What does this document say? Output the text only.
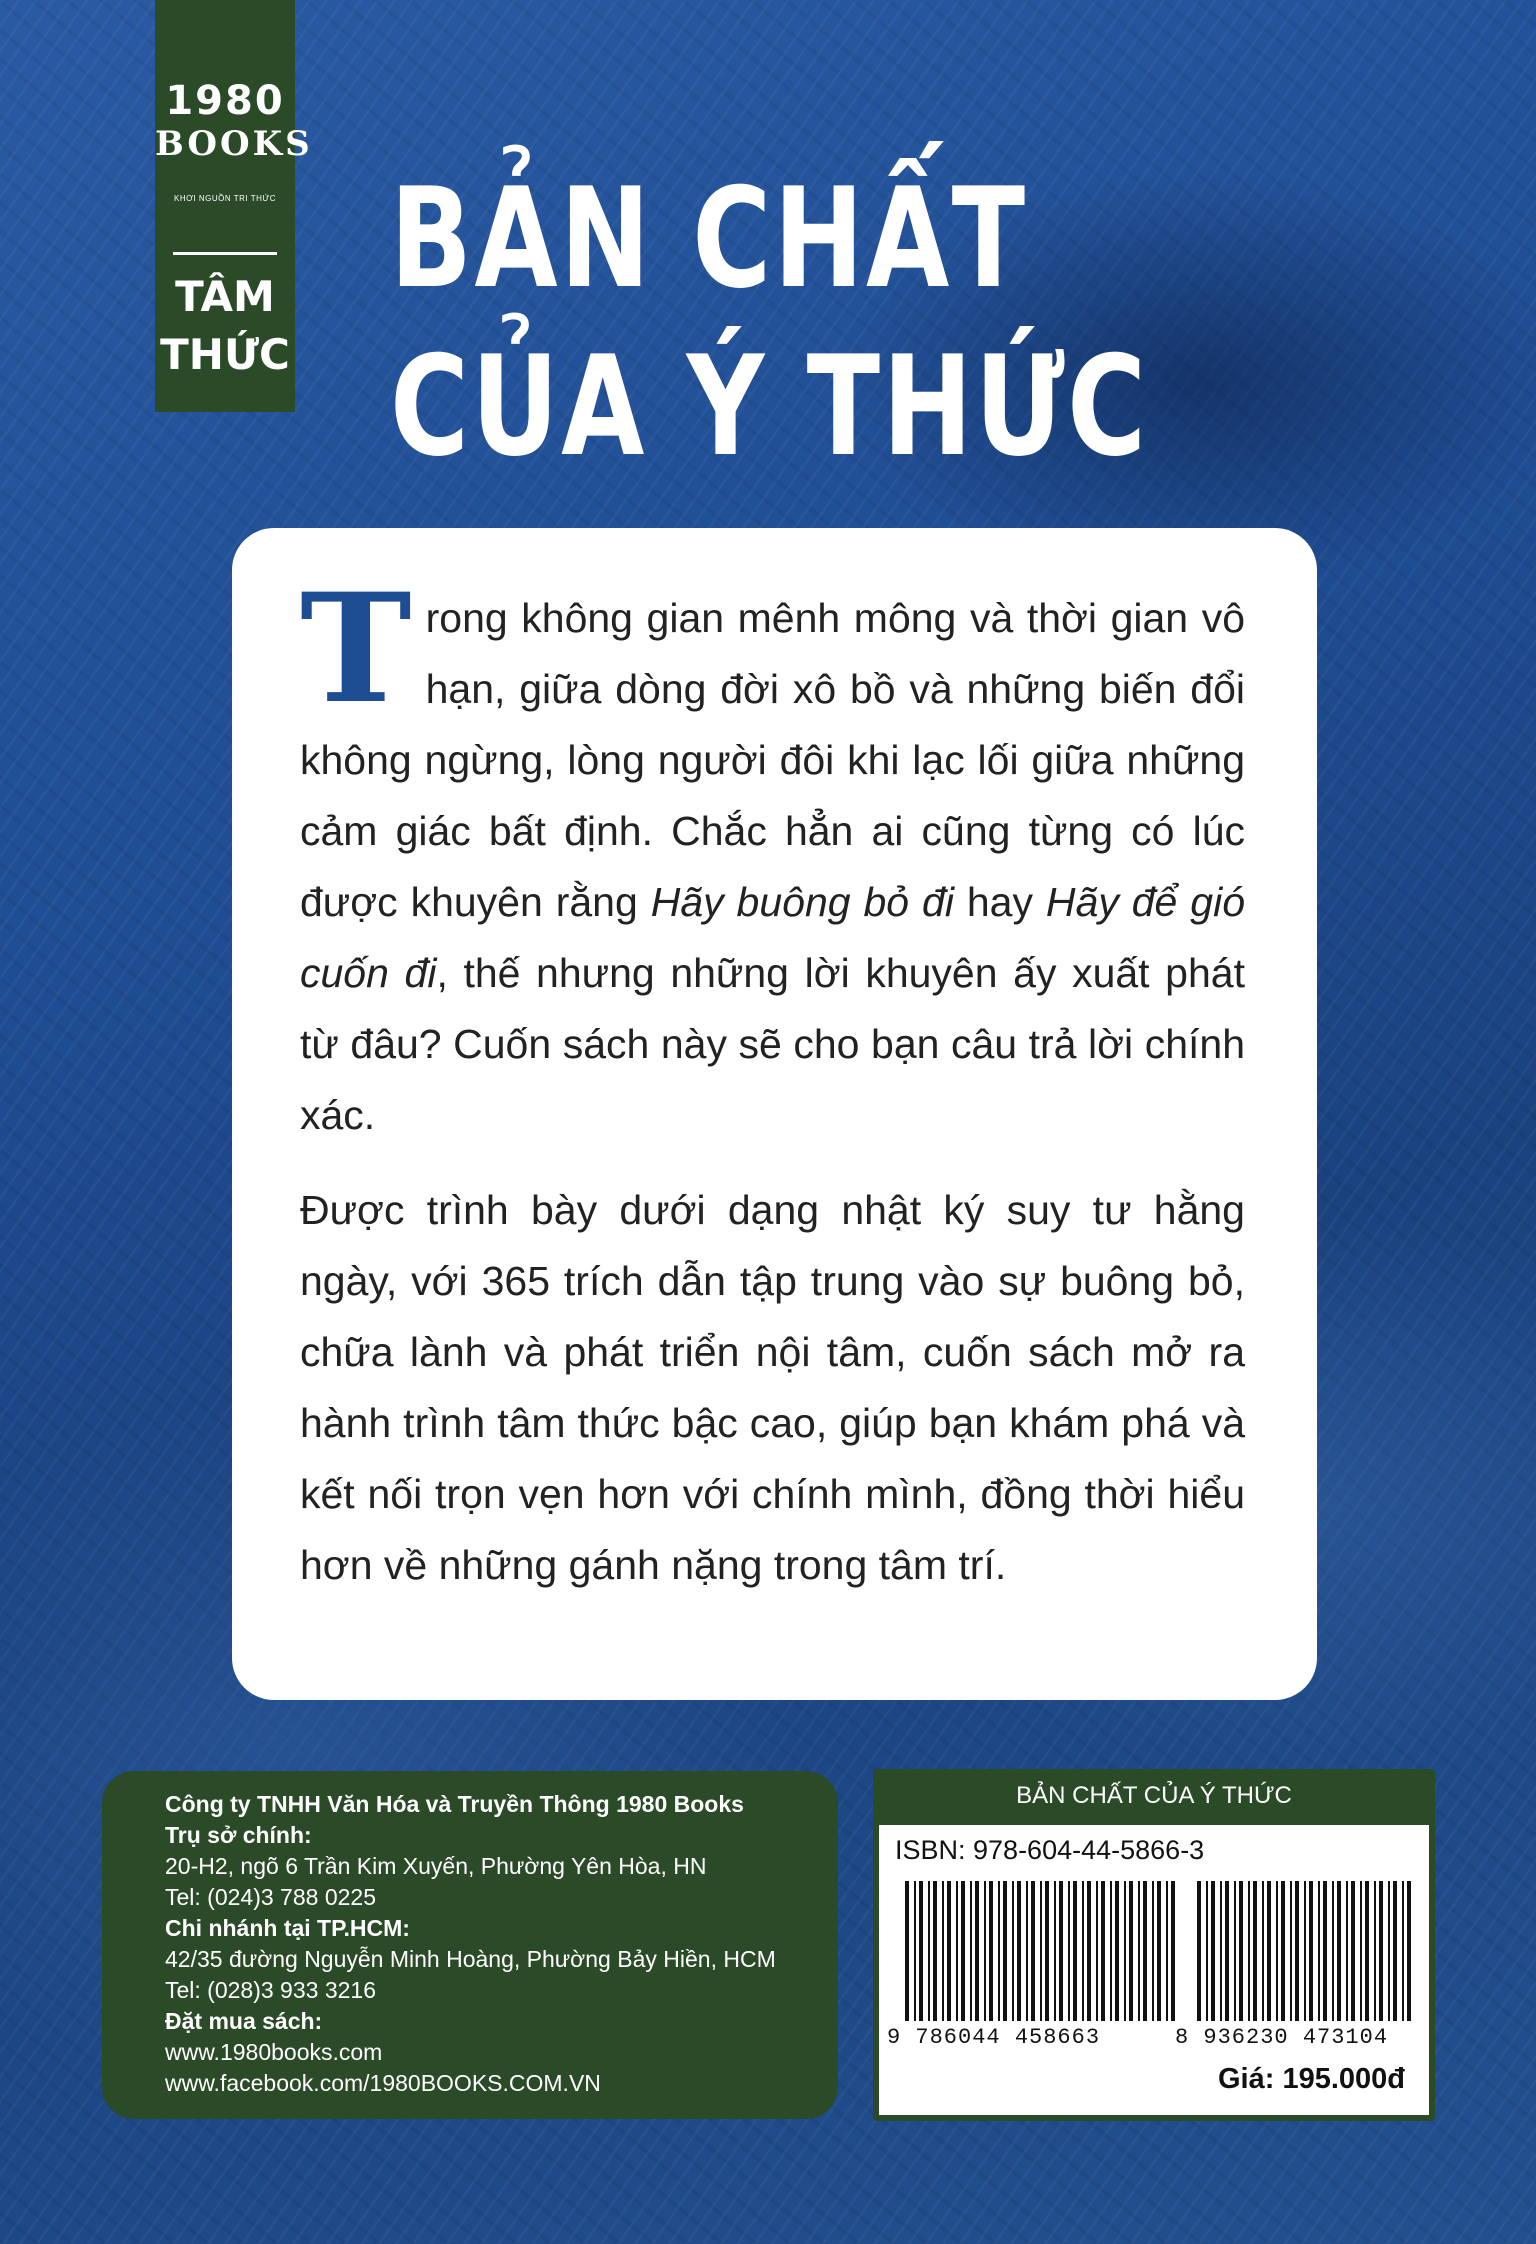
1980
BOOKS
KHƠI NGUỒN TRI THỨC
TÂM
THỨC
BẢN CHẤT
CỦA Ý THỨC

Trong không gian mênh mông và thời gian vô hạn, giữa dòng đời xô bồ và những biến đổi không ngừng, lòng người đôi khi lạc lối giữa những cảm giác bất định. Chắc hẳn ai cũng từng có lúc được khuyên rằng Hãy buông bỏ đi hay Hãy để gió cuốn đi, thế nhưng những lời khuyên ấy xuất phát từ đâu? Cuốn sách này sẽ cho bạn câu trả lời chính xác.

Được trình bày dưới dạng nhật ký suy tư hằng ngày, với 365 trích dẫn tập trung vào sự buông bỏ, chữa lành và phát triển nội tâm, cuốn sách mở ra hành trình tâm thức bậc cao, giúp bạn khám phá và kết nối trọn vẹn hơn với chính mình, đồng thời hiểu hơn về những gánh nặng trong tâm trí.

Công ty TNHH Văn Hóa và Truyền Thông 1980 Books
Trụ sở chính:
20-H2, ngõ 6 Trần Kim Xuyến, Phường Yên Hòa, HN
Tel: (024)3 788 0225
Chi nhánh tại TP.HCM:
42/35 đường Nguyễn Minh Hoàng, Phường Bảy Hiền, HCM
Tel: (028)3 933 3216
Đặt mua sách:
www.1980books.com
www.facebook.com/1980BOOKS.COM.VN
BẢN CHẤT CỦA Ý THỨC
ISBN: 978-604-44-5866-3
9 786044 458663	8 936230 473104
Giá: 195.000đ
